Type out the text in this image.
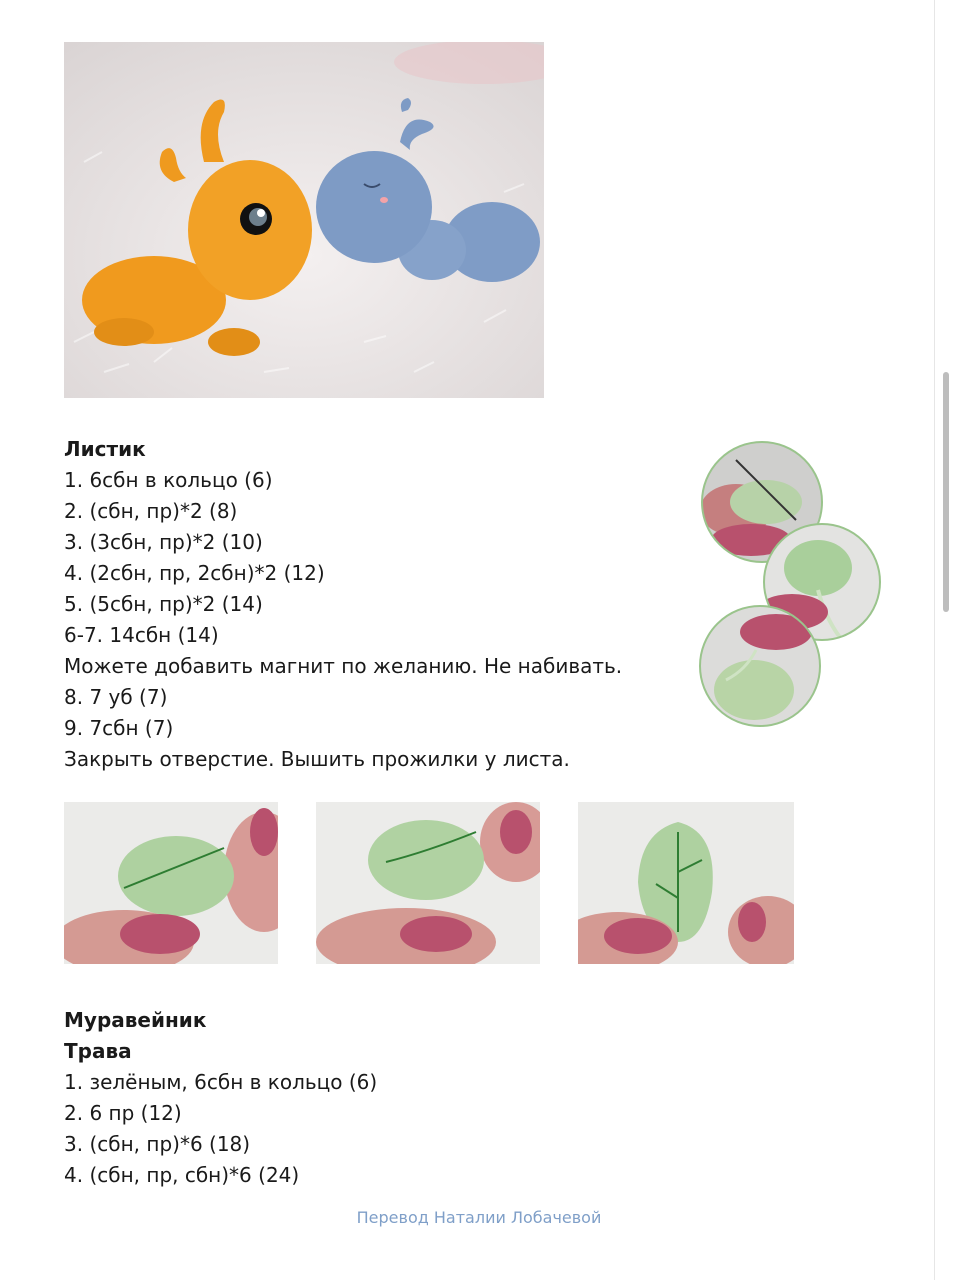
Листик
1. 6сбн в кольцо (6)
2. (сбн, пр)*2 (8)
3. (3сбн, пр)*2 (10)
4. (2сбн, пр, 2сбн)*2 (12)
5. (5сбн, пр)*2 (14)
6-7. 14сбн (14)
Можете добавить магнит по желанию. Не набивать.
8. 7 уб (7)
9. 7сбн (7)
Закрыть отверстие. Вышить прожилки у листа.
Муравейник
Трава
1. зелёным, 6сбн в кольцо (6)
2. 6 пр (12)
3. (сбн, пр)*6 (18)
4. (сбн, пр, сбн)*6 (24)
Перевод Наталии Лобачевой
